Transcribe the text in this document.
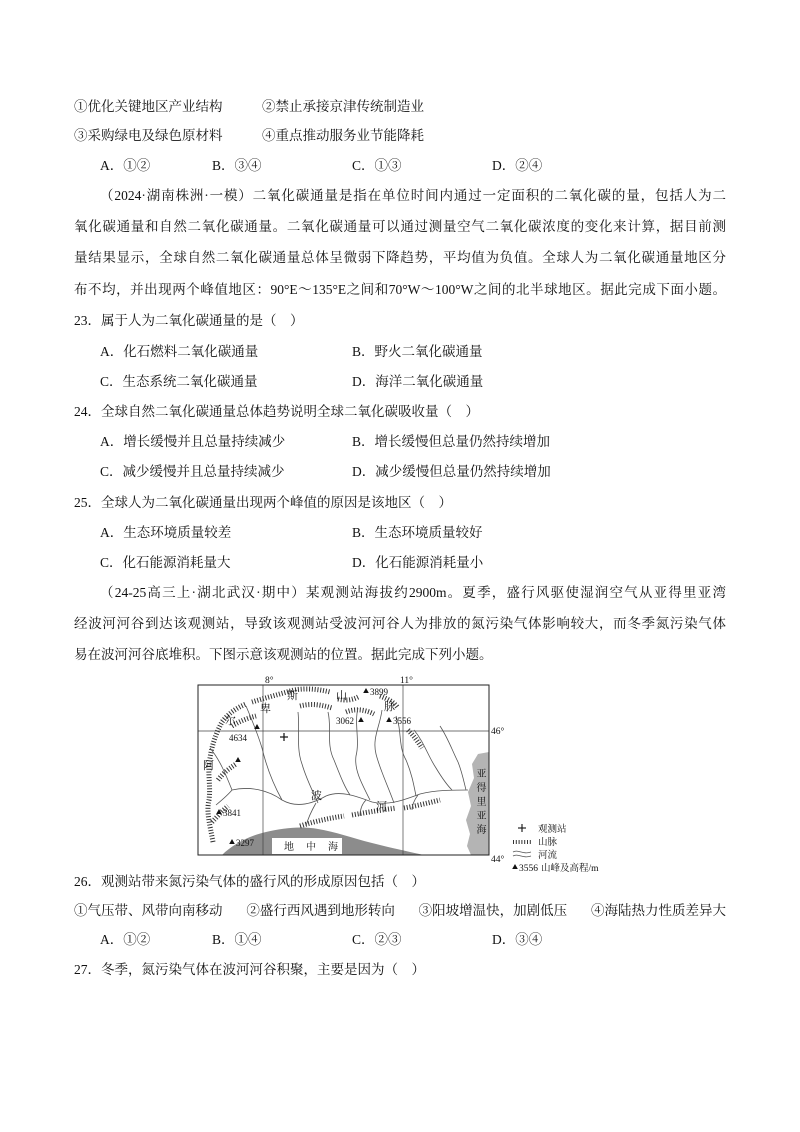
①优化关键地区产业结构	②禁止承接京津传统制造业
③采购绿电及绿色原材料	④重点推动服务业节能降耗
A．①②	B．③④	C．①③	D．②④
（2024·湖南株洲·一模）二氧化碳通量是指在单位时间内通过一定面积的二氧化碳的量，包括人为二
氧化碳通量和自然二氧化碳通量。二氧化碳通量可以通过测量空气二氧化碳浓度的变化来计算，据目前测
量结果显示，全球自然二氧化碳通量总体呈微弱下降趋势，平均值为负值。全球人为二氧化碳通量地区分
布不均，并出现两个峰值地区：90°E～135°E之间和70°W～100°W之间的北半球地区。据此完成下面小题。
23．属于人为二氧化碳通量的是（　）
A．化石燃料二氧化碳通量	B．野火二氧化碳通量
C．生态系统二氧化碳通量	D．海洋二氧化碳通量
24．全球自然二氧化碳通量总体趋势说明全球二氧化碳吸收量（　）
A．增长缓慢并且总量持续减少	B．增长缓慢但总量仍然持续增加
C．减少缓慢并且总量持续减少	D．减少缓慢但总量仍然持续增加
25．全球人为二氧化碳通量出现两个峰值的原因是该地区（　）
A．生态环境质量较差	B．生态环境质量较好
C．化石能源消耗量大	D．化石能源消耗量小
（24-25高三上·湖北武汉·期中）某观测站海拔约2900m。夏季，盛行风驱使湿润空气从亚得里亚湾
经波河河谷到达该观测站，导致该观测站受波河河谷人为排放的氮污染气体影响较大，而冬季氮污染气体
易在波河河谷底堆积。下图示意该观测站的位置。据此完成下列小题。
地中海
8°	11°
46°
44°
阿
尔
卑
斯	山
脉
3899
3062	3556
4634
3841
3297
波
河
观测站
山脉
河流
3556 山峰及高程/m
亚得里亚海
26．观测站带来氮污染气体的盛行风的形成原因包括（　）
①气压带、风带向南移动 ②盛行西风遇到地形转向 ③阳坡增温快，加剧低压 ④海陆热力性质差异大
A．①②	B．①④	C．②③	D．③④
27．冬季，氮污染气体在波河河谷积聚，主要是因为（　）
